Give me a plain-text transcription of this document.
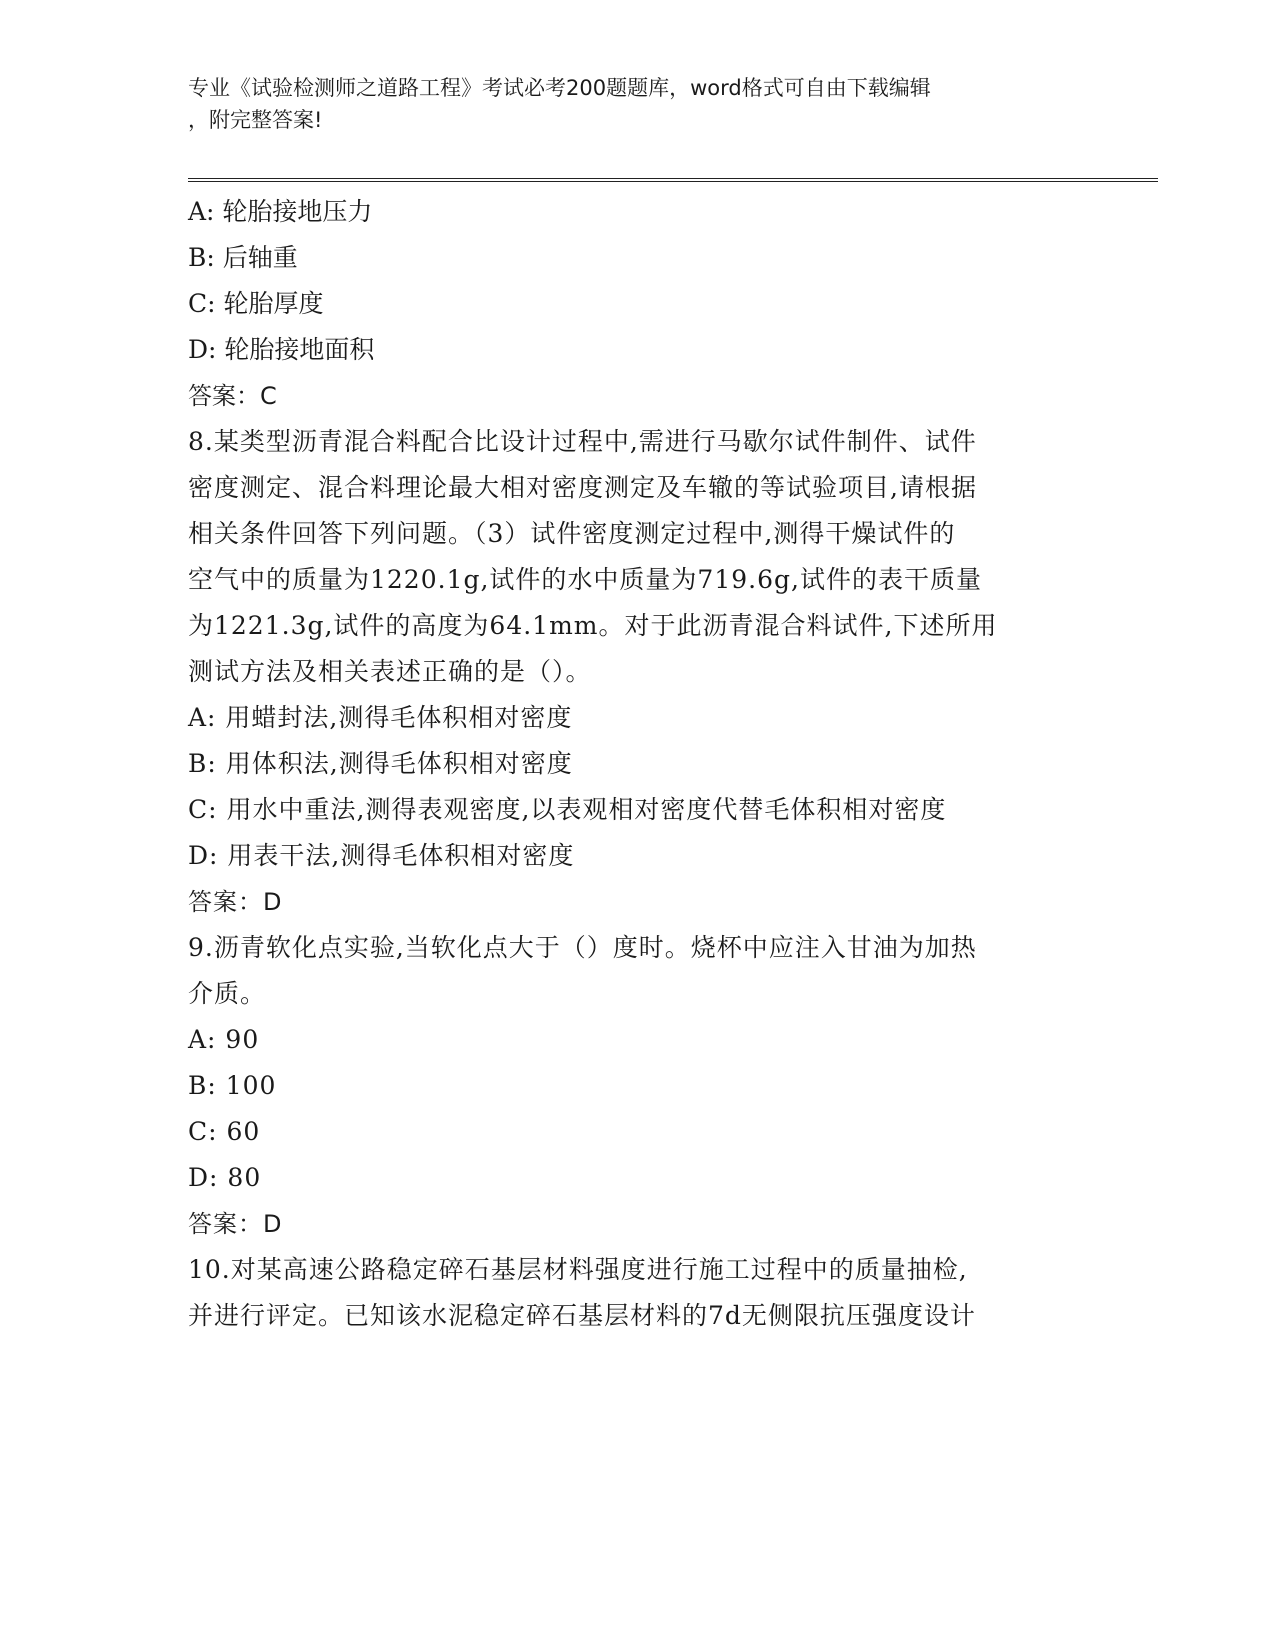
专业《试验检测师之道路工程》考试必考200题题库，word格式可自由下载编辑
，附完整答案!
A: 轮胎接地压力
B: 后轴重
C: 轮胎厚度
D: 轮胎接地面积
答案：C
8.某类型沥青混合料配合比设计过程中,需进行马歇尔试件制件、试件
密度测定、混合料理论最大相对密度测定及车辙的等试验项目,请根据
相关条件回答下列问题。（3）试件密度测定过程中,测得干燥试件的
空气中的质量为1220.1g,试件的水中质量为719.6g,试件的表干质量
为1221.3g,试件的高度为64.1mm。对于此沥青混合料试件,下述所用
测试方法及相关表述正确的是（）。
A: 用蜡封法,测得毛体积相对密度
B: 用体积法,测得毛体积相对密度
C: 用水中重法,测得表观密度,以表观相对密度代替毛体积相对密度
D: 用表干法,测得毛体积相对密度
答案：D
9.沥青软化点实验,当软化点大于（）度时。烧杯中应注入甘油为加热
介质。
A: 90
B: 100
C: 60
D: 80
答案：D
10.对某高速公路稳定碎石基层材料强度进行施工过程中的质量抽检,
并进行评定。已知该水泥稳定碎石基层材料的7d无侧限抗压强度设计
